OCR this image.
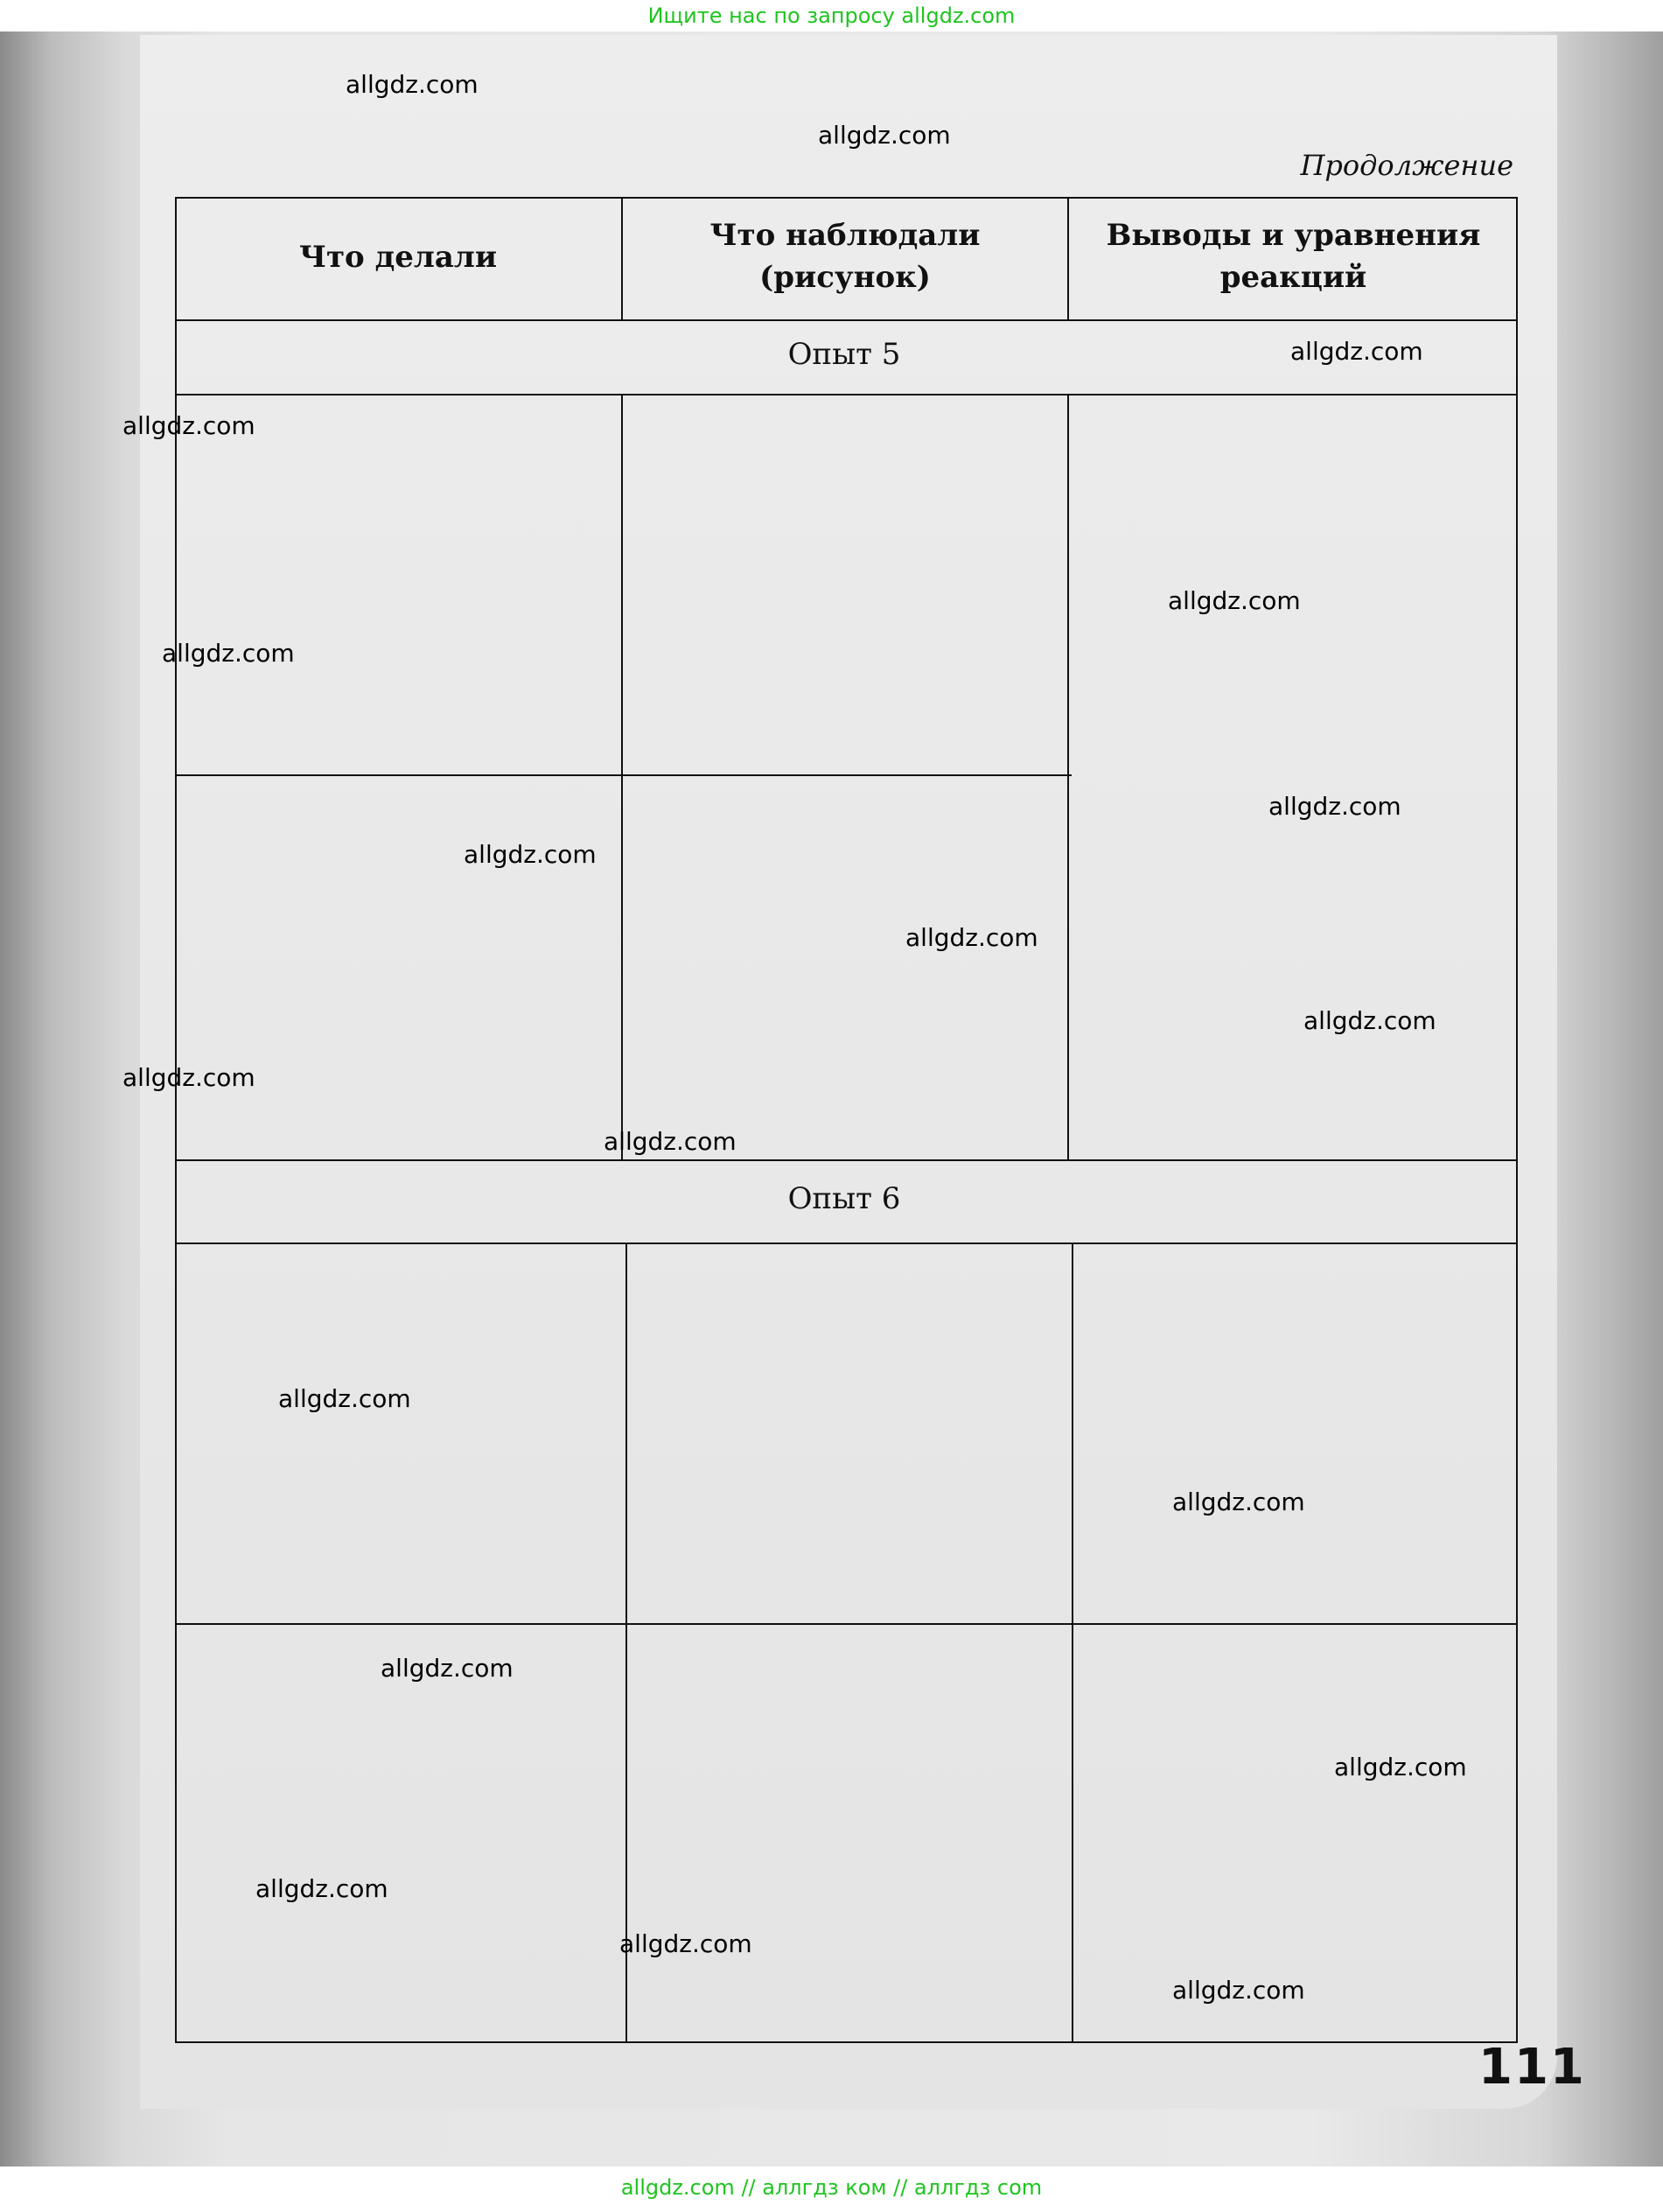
Ищите нас по запросу allgdz.com
Продолжение
Что делали
Что наблюдали (рисунок)
Выводы и уравнения реакций
Опыт 5
Опыт 6
allgdz.com
allgdz.com
allgdz.com
allgdz.com
allgdz.com
allgdz.com
allgdz.com
allgdz.com
allgdz.com
allgdz.com
allgdz.com
allgdz.com
allgdz.com
allgdz.com
allgdz.com
allgdz.com
allgdz.com
allgdz.com
allgdz.com
111
allgdz.com // аллгдз ком // аллгдз com
